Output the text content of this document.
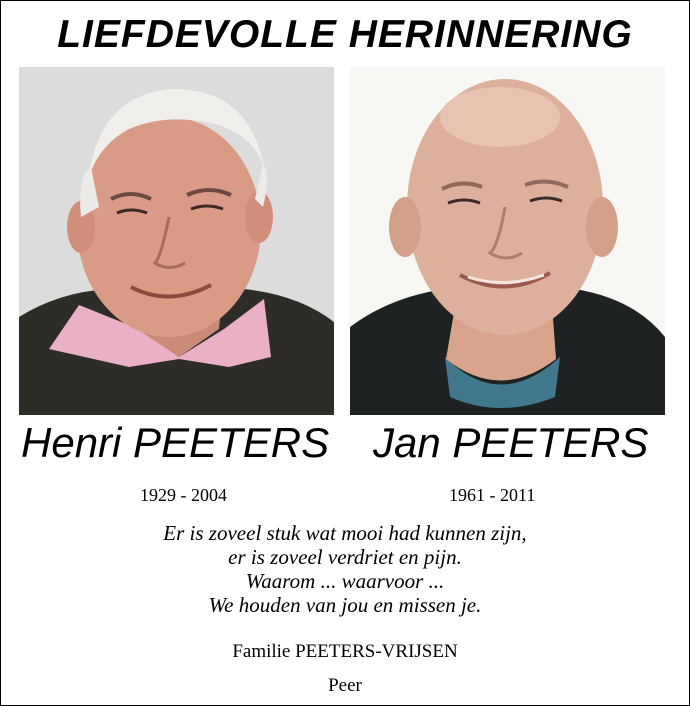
LIEFDEVOLLE HERINNERING
Henri PEETERS Jan PEETERS
1929 - 2004	1961 - 2011
Er is zoveel stuk wat mooi had kunnen zijn,
er is zoveel verdriet en pijn.
Waarom ... waarvoor ...
We houden van jou en missen je.
Familie PEETERS-VRIJSEN
Peer
